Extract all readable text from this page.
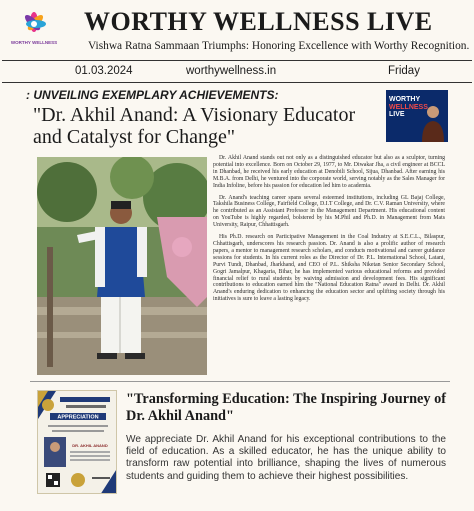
WORTHY WELLNESS
WORTHY WELLNESS LIVE
Vishwa Ratna Sammaan Triumphs: Honoring Excellence with Worthy Recognition.
01.03.2024	worthywellness.in	Friday
: UNVEILING EXEMPLARY ACHIEVEMENTS:
"Dr. Akhil Anand: A Visionary Educator and Catalyst for Change"
WORTHY
WELLNESS
LIVE

Dr. Akhil Anand stands out not only as a distinguished educator but also as a sculptor, turning potential into excellence. Born on October 29, 1977, to Mr. Diwakar Jha, a civil engineer at BCCL in Dhanbad, he received his early education at Denobili School, Sijua, Dhanbad. After earning his M.B.A. from Delhi, he ventured into the corporate world, serving notably as the Sales Manager for India Infoline, before his passion for education led him to academia.

Dr. Anand's teaching career spans several esteemed institutions, including GL Bajaj College, Takshila Business College, Fairfield College, D.I.T College, and Dr. C.V. Raman University, where he contributed as an Assistant Professor in the Management Department. His educational content on YouTube is highly regarded, bolstered by his M.Phil and Ph.D. in Management from Mats University, Raipur, Chhattisgarh.

His Ph.D. research on Participative Management in the Coal Industry at S.E.C.L., Bilaspur, Chhattisgarh, underscores his research passion. Dr. Anand is also a prolific author of research papers, a mentor to management research scholars, and conducts motivational and career guidance sessions for students. In his current roles as the Director of Dr. P.L. International School, Latani, Purvi Tundi, Dhanbad, Jharkhand, and CEO of P.L. Shiksha Niketan Senior Secondary School, Gogri Jamalpur, Khagaria, Bihar, he has implemented various educational reforms and provided financial relief to rural students by waiving admission and development fees. His significant contributions to education earned him the "National Education Ratna" award in Delhi. Dr. Akhil Anand's enduring dedication to enhancing the education sector and uplifting society through his initiatives is sure to leave a lasting legacy.

APPRECIATION
DR. AKHIL ANAND
"Transforming Education: The Inspiring Journey of Dr. Akhil Anand"
We appreciate Dr. Akhil Anand for his exceptional contributions to the field of education. As a skilled educator, he has the unique ability to transform raw potential into brilliance, shaping the lives of numerous students and guiding them to achieve their highest possibilities.
